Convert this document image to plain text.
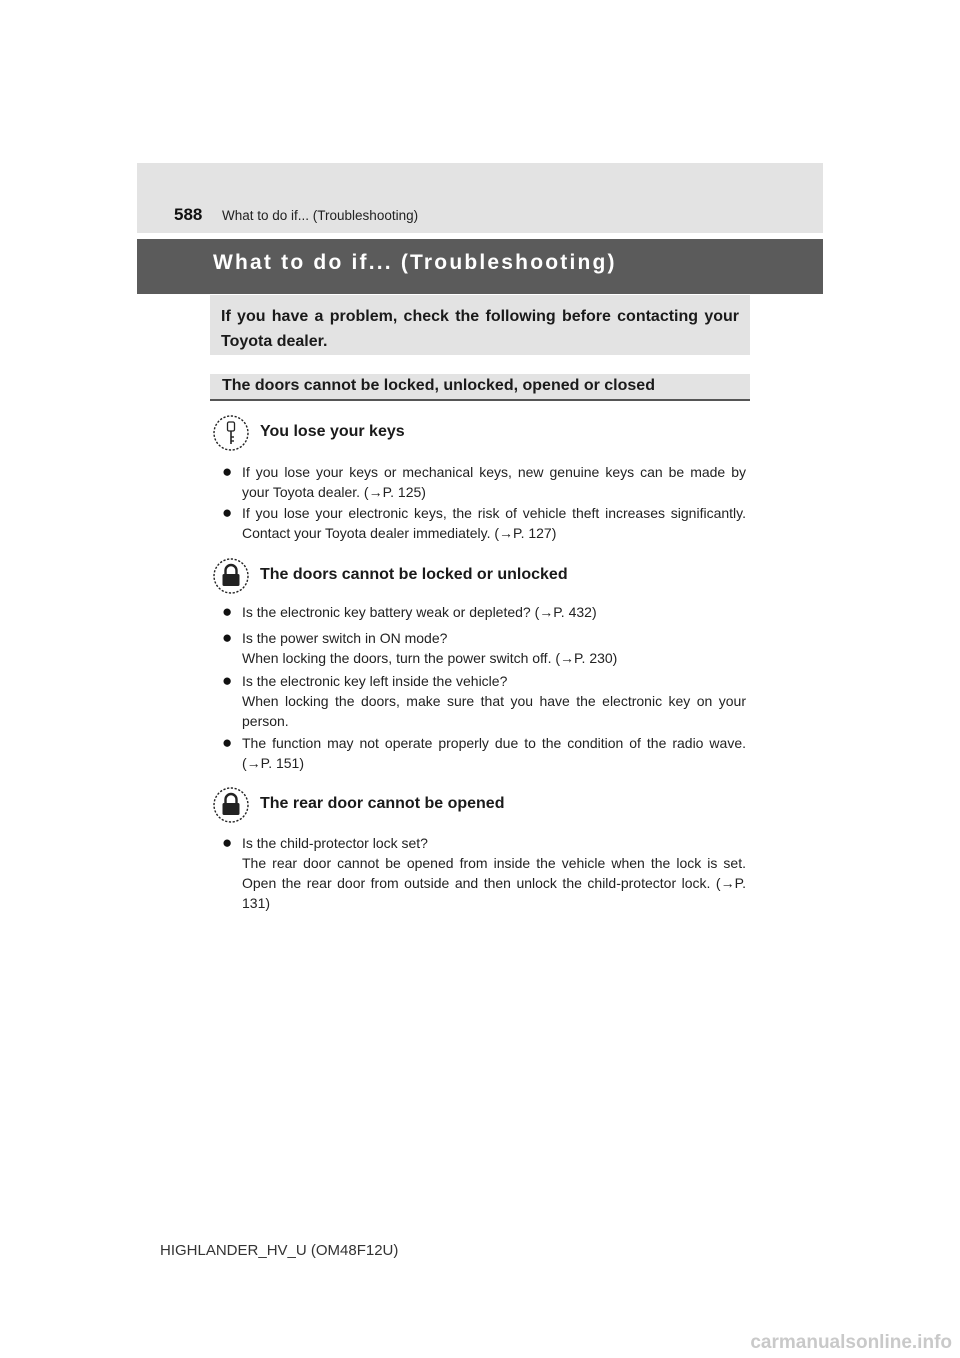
588 What to do if... (Troubleshooting)
What to do if... (Troubleshooting)
If you have a problem, check the following before contacting your Toyota dealer.
The doors cannot be locked, unlocked, opened or closed
You lose your keys
● If you lose your keys or mechanical keys, new genuine keys can be made by your Toyota dealer. (→P. 125)
● If you lose your electronic keys, the risk of vehicle theft increases significantly. Contact your Toyota dealer immediately. (→P. 127)
The doors cannot be locked or unlocked
● Is the electronic key battery weak or depleted? (→P. 432)
● Is the power switch in ON mode?
When locking the doors, turn the power switch off. (→P. 230)
● Is the electronic key left inside the vehicle?
When locking the doors, make sure that you have the electronic key on your person.
● The function may not operate properly due to the condition of the radio wave. (→P. 151)
The rear door cannot be opened
● Is the child-protector lock set?
The rear door cannot be opened from inside the vehicle when the lock is set. Open the rear door from outside and then unlock the child-protector lock. (→P. 131)
HIGHLANDER_HV_U (OM48F12U)
carmanualsonline.info
